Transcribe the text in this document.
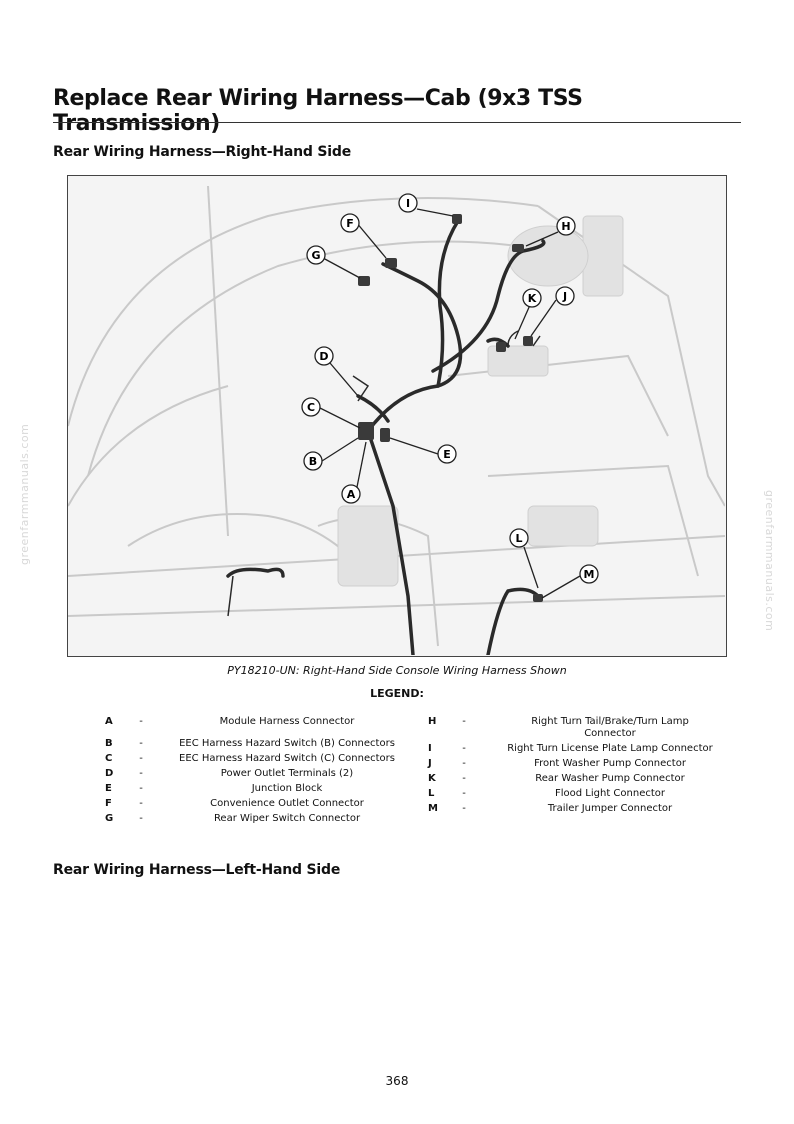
Replace Rear Wiring Harness—Cab (9x3 TSS Transmission)
Rear Wiring Harness—Right-Hand Side
A
B
C
D
E
F
G
H
I
J
K
L
M
PY18210-UN: Right-Hand Side Console Wiring Harness Shown
LEGEND:
A	-	Module Harness Connector
B	-	EEC Harness Hazard Switch (B) Connectors
C	-	EEC Harness Hazard Switch (C) Connectors
D	-	Power Outlet Terminals (2)
E	-	Junction Block
F	-	Convenience Outlet Connector
G	-	Rear Wiper Switch Connector
H	-	Right Turn Tail/Brake/Turn Lamp Connector
I	-	Right Turn License Plate Lamp Connector
J	-	Front Washer Pump Connector
K	-	Rear Washer Pump Connector
L	-	Flood Light Connector
M	-	Trailer Jumper Connector
Rear Wiring Harness—Left-Hand Side
greenfarmmanuals.com	greenfarmmanuals.com
368
